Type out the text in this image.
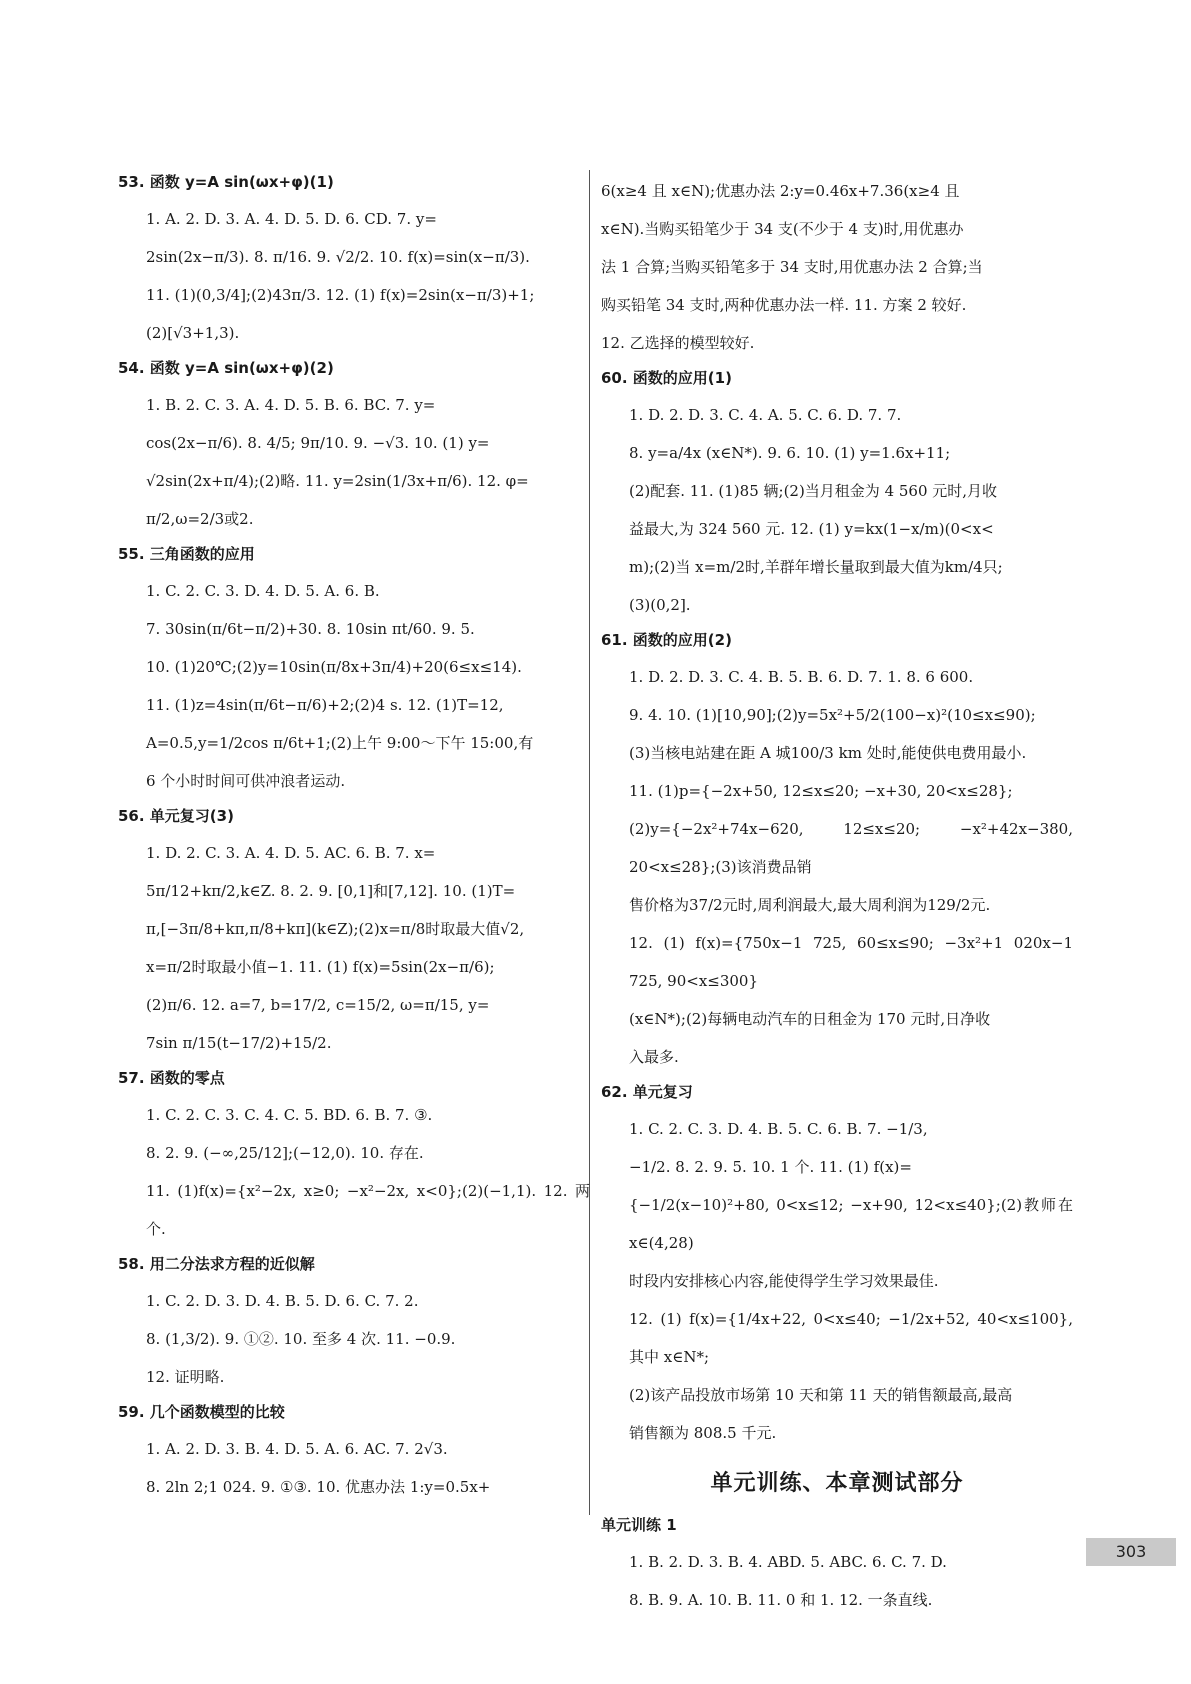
53. 函数 y=A sin(ωx+φ)(1)

1. A. 2. D. 3. A. 4. D. 5. D. 6. CD. 7. y=

2sin(2x−π/3). 8. π/16. 9. √2/2. 10. f(x)=sin(x−π/3).

11. (1)(0,3/4];(2)43π/3. 12. (1) f(x)=2sin(x−π/3)+1;

(2)[√3+1,3).

54. 函数 y=A sin(ωx+φ)(2)

1. B. 2. C. 3. A. 4. D. 5. B. 6. BC. 7. y=

cos(2x−π/6). 8. 4/5; 9π/10. 9. −√3. 10. (1) y=

√2sin(2x+π/4);(2)略. 11. y=2sin(1/3x+π/6). 12. φ=

π/2,ω=2/3或2.

55. 三角函数的应用

1. C. 2. C. 3. D. 4. D. 5. A. 6. B.

7. 30sin(π/6t−π/2)+30. 8. 10sin πt/60. 9. 5.

10. (1)20℃;(2)y=10sin(π/8x+3π/4)+20(6≤x≤14).

11. (1)z=4sin(π/6t−π/6)+2;(2)4 s. 12. (1)T=12,

A=0.5,y=1/2cos π/6t+1;(2)上午 9:00～下午 15:00,有

6 个小时时间可供冲浪者运动.

56. 单元复习(3)

1. D. 2. C. 3. A. 4. D. 5. AC. 6. B. 7. x=

5π/12+kπ/2,k∈Z. 8. 2. 9. [0,1]和[7,12]. 10. (1)T=

π,[−3π/8+kπ,π/8+kπ](k∈Z);(2)x=π/8时取最大值√2,

x=π/2时取最小值−1. 11. (1) f(x)=5sin(2x−π/6);

(2)π/6. 12. a=7, b=17/2, c=15/2, ω=π/15, y=

7sin π/15(t−17/2)+15/2.

57. 函数的零点

1. C. 2. C. 3. C. 4. C. 5. BD. 6. B. 7. ③.

8. 2. 9. (−∞,25/12];(−12,0). 10. 存在.

11. (1)f(x)={x²−2x, x≥0; −x²−2x, x<0};(2)(−1,1). 12. 两个.

58. 用二分法求方程的近似解

1. C. 2. D. 3. D. 4. B. 5. D. 6. C. 7. 2.

8. (1,3/2). 9. ①②. 10. 至多 4 次. 11. −0.9.

12. 证明略.

59. 几个函数模型的比较

1. A. 2. D. 3. B. 4. D. 5. A. 6. AC. 7. 2√3.

8. 2ln 2;1 024. 9. ①③. 10. 优惠办法 1:y=0.5x+

6(x≥4 且 x∈N);优惠办法 2:y=0.46x+7.36(x≥4 且

x∈N).当购买铅笔少于 34 支(不少于 4 支)时,用优惠办

法 1 合算;当购买铅笔多于 34 支时,用优惠办法 2 合算;当

购买铅笔 34 支时,两种优惠办法一样. 11. 方案 2 较好.

12. 乙选择的模型较好.

60. 函数的应用(1)

1. D. 2. D. 3. C. 4. A. 5. C. 6. D. 7. 7.

8. y=a/4x (x∈N*). 9. 6. 10. (1) y=1.6x+11;

(2)配套. 11. (1)85 辆;(2)当月租金为 4 560 元时,月收

益最大,为 324 560 元. 12. (1) y=kx(1−x/m)(0<x<

m);(2)当 x=m/2时,羊群年增长量取到最大值为km/4只;

(3)(0,2].

61. 函数的应用(2)

1. D. 2. D. 3. C. 4. B. 5. B. 6. D. 7. 1. 8. 6 600.

9. 4. 10. (1)[10,90];(2)y=5x²+5/2(100−x)²(10≤x≤90);

(3)当核电站建在距 A 城100/3 km 处时,能使供电费用最小.

11. (1)p={−2x+50, 12≤x≤20; −x+30, 20<x≤28};

(2)y={−2x²+74x−620, 12≤x≤20; −x²+42x−380, 20<x≤28};(3)该消费品销

售价格为37/2元时,周利润最大,最大周利润为129/2元.

12. (1) f(x)={750x−1 725, 60≤x≤90; −3x²+1 020x−1 725, 90<x≤300}

(x∈N*);(2)每辆电动汽车的日租金为 170 元时,日净收

入最多.

62. 单元复习

1. C. 2. C. 3. D. 4. B. 5. C. 6. B. 7. −1/3,

−1/2. 8. 2. 9. 5. 10. 1 个. 11. (1) f(x)=

{−1/2(x−10)²+80, 0<x≤12; −x+90, 12<x≤40};(2)教师在 x∈(4,28)

时段内安排核心内容,能使得学生学习效果最佳.

12. (1) f(x)={1/4x+22, 0<x≤40; −1/2x+52, 40<x≤100},其中 x∈N*;

(2)该产品投放市场第 10 天和第 11 天的销售额最高,最高

销售额为 808.5 千元.

单元训练、本章测试部分
单元训练 1

1. B. 2. D. 3. B. 4. ABD. 5. ABC. 6. C. 7. D.

8. B. 9. A. 10. B. 11. 0 和 1. 12. 一条直线.

303
